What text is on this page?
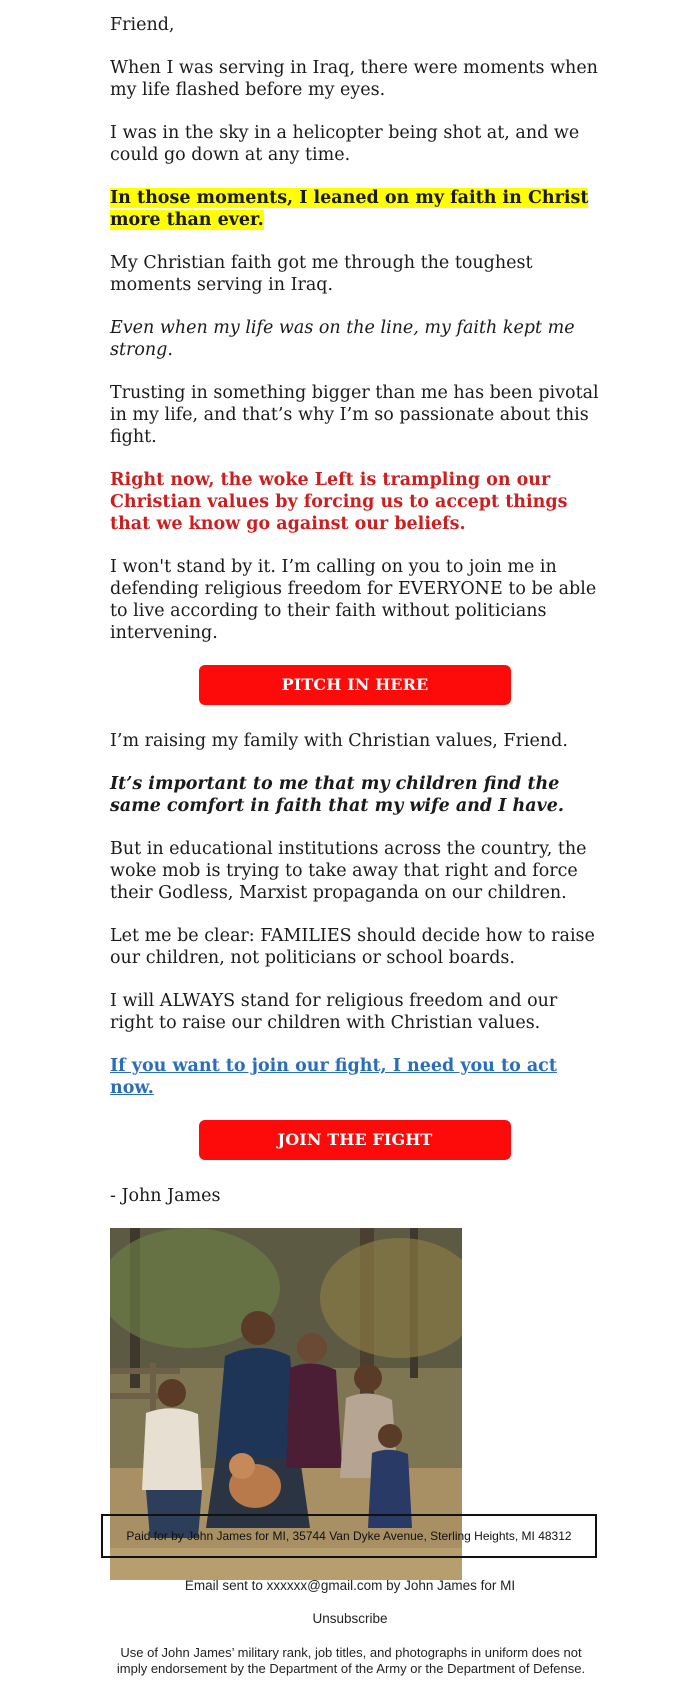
Friend,

When I was serving in Iraq, there were moments when my life flashed before my eyes.

I was in the sky in a helicopter being shot at, and we could go down at any time.

In those moments, I leaned on my faith in Christ more than ever.

My Christian faith got me through the toughest moments serving in Iraq.

Even when my life was on the line, my faith kept me strong.

Trusting in something bigger than me has been pivotal in my life, and that’s why I’m so passionate about this fight.

Right now, the woke Left is trampling on our Christian values by forcing us to accept things that we know go against our beliefs.

I won't stand by it. I’m calling on you to join me in defending religious freedom for EVERYONE to be able to live according to their faith without politicians intervening.

PITCH IN HERE

I’m raising my family with Christian values, Friend.

It’s important to me that my children find the same comfort in faith that my wife and I have.

But in educational institutions across the country, the woke mob is trying to take away that right and force their Godless, Marxist propaganda on our children.

Let me be clear: FAMILIES should decide how to raise our children, not politicians or school boards.

I will ALWAYS stand for religious freedom and our right to raise our children with Christian values.

If you want to join our fight, I need you to act now.

JOIN THE FIGHT

- John James

Paid for by John James for MI, 35744 Van Dyke Avenue, Sterling Heights, MI 48312
Email sent to xxxxxx@gmail.com by John James for MI
Unsubscribe
Use of John James’ military rank, job titles, and photographs in uniform does not imply endorsement by the Department of the Army or the Department of Defense.
